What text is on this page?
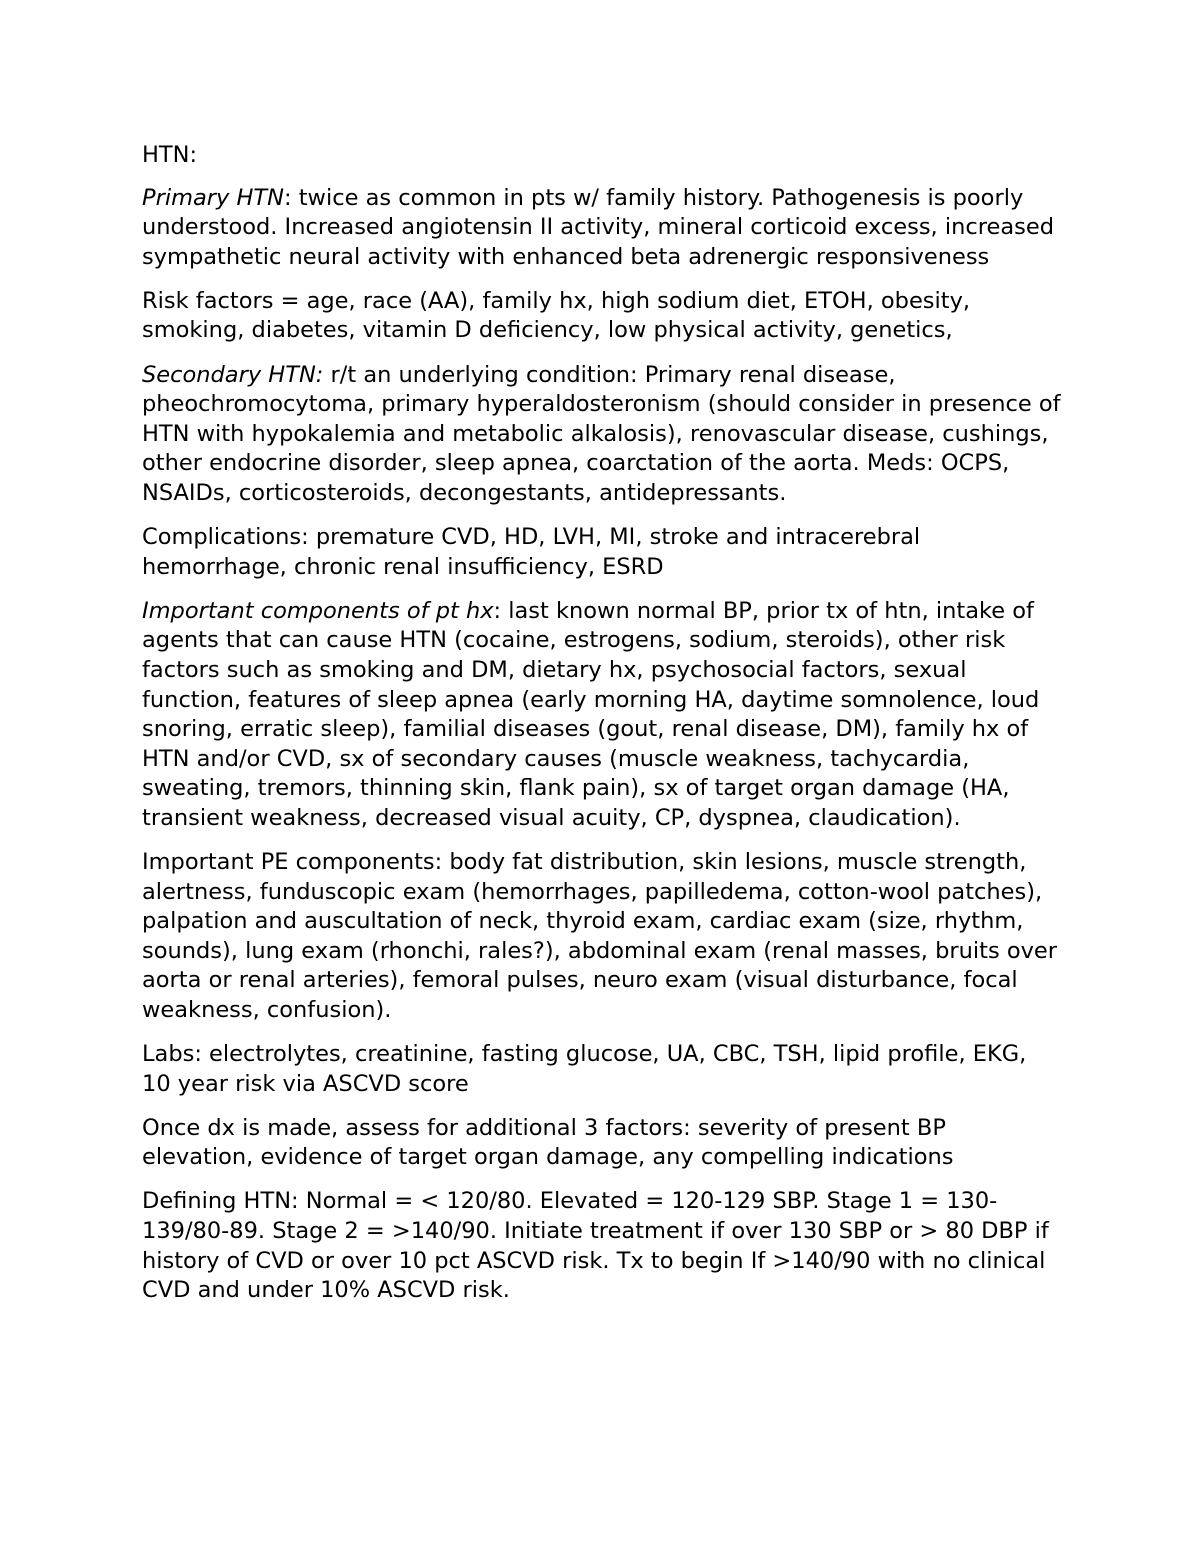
HTN:

Primary HTN: twice as common in pts w/ family history. Pathogenesis is poorly understood. Increased angiotensin II activity, mineral corticoid excess, increased sympathetic neural activity with enhanced beta adrenergic responsiveness

Risk factors = age, race (AA), family hx, high sodium diet, ETOH, obesity, smoking, diabetes, vitamin D deficiency, low physical activity, genetics,

Secondary HTN: r/t an underlying condition: Primary renal disease, pheochromocytoma, primary hyperaldosteronism (should consider in presence of HTN with hypokalemia and metabolic alkalosis), renovascular disease, cushings, other endocrine disorder, sleep apnea, coarctation of the aorta. Meds: OCPS, NSAIDs, corticosteroids, decongestants, antidepressants.

Complications: premature CVD, HD, LVH, MI, stroke and intracerebral hemorrhage, chronic renal insufficiency, ESRD

Important components of pt hx: last known normal BP, prior tx of htn, intake of agents that can cause HTN (cocaine, estrogens, sodium, steroids), other risk factors such as smoking and DM, dietary hx, psychosocial factors, sexual function, features of sleep apnea (early morning HA, daytime somnolence, loud snoring, erratic sleep), familial diseases (gout, renal disease, DM), family hx of HTN and/or CVD, sx of secondary causes (muscle weakness, tachycardia, sweating, tremors, thinning skin, flank pain), sx of target organ damage (HA, transient weakness, decreased visual acuity, CP, dyspnea, claudication).

Important PE components: body fat distribution, skin lesions, muscle strength, alertness, funduscopic exam (hemorrhages, papilledema, cotton-wool patches), palpation and auscultation of neck, thyroid exam, cardiac exam (size, rhythm, sounds), lung exam (rhonchi, rales?), abdominal exam (renal masses, bruits over aorta or renal arteries), femoral pulses, neuro exam (visual disturbance, focal weakness, confusion).

Labs: electrolytes, creatinine, fasting glucose, UA, CBC, TSH, lipid profile, EKG, 10 year risk via ASCVD score

Once dx is made, assess for additional 3 factors: severity of present BP elevation, evidence of target organ damage, any compelling indications

Defining HTN: Normal = < 120/80. Elevated = 120-129 SBP. Stage 1 = 130-139/80-89. Stage 2 = >140/90. Initiate treatment if over 130 SBP or > 80 DBP if history of CVD or over 10 pct ASCVD risk. Tx to begin If >140/90 with no clinical CVD and under 10% ASCVD risk.
